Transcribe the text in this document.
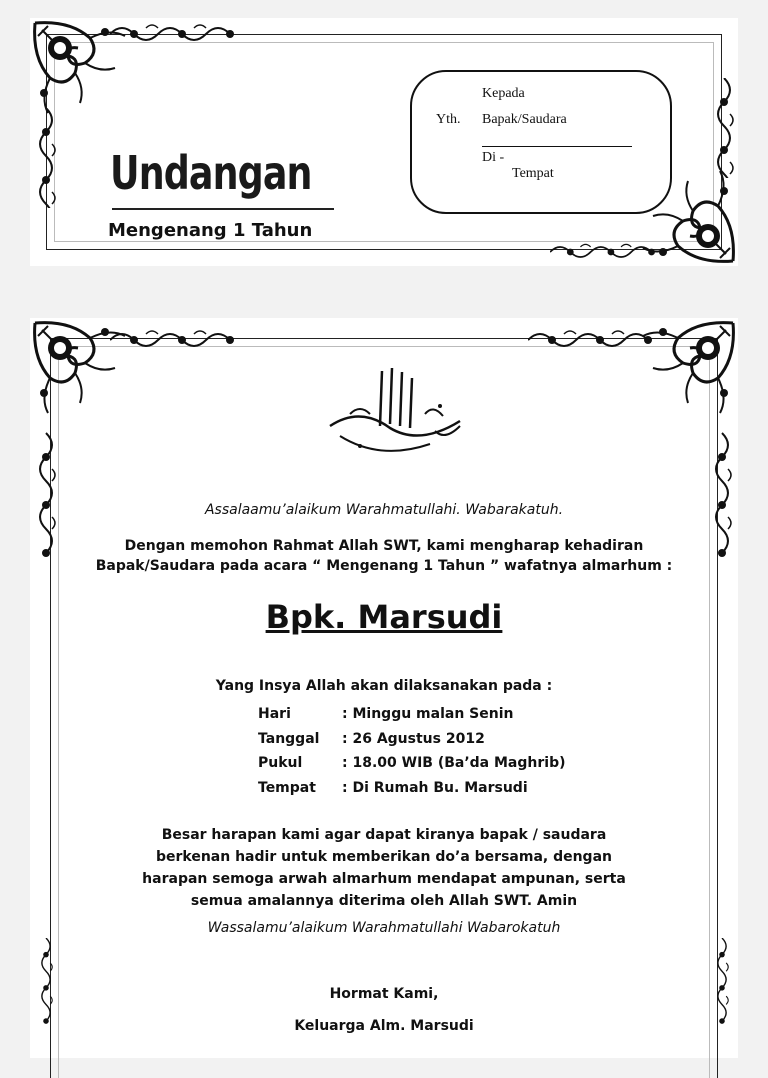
Undangan
Mengenang 1 Tahun
Kepada
Yth. Bapak/Saudara
Di -
Tempat
Assalaamu’alaikum Warahmatullahi. Wabarakatuh.
Dengan memohon Rahmat Allah SWT, kami mengharap kehadiran
Bapak/Saudara pada acara “ Mengenang 1 Tahun ” wafatnya almarhum :
Bpk. Marsudi
Yang Insya Allah akan dilaksanakan pada :
Hari	: Minggu malan Senin
Tanggal	: 26 Agustus 2012
Pukul	: 18.00 WIB (Ba’da Maghrib)
Tempat	: Di Rumah Bu. Marsudi
Besar harapan kami agar dapat kiranya bapak / saudara
berkenan hadir untuk memberikan do’a bersama, dengan
harapan semoga arwah almarhum mendapat ampunan, serta
semua amalannya diterima oleh Allah SWT. Amin
Wassalamu’alaikum Warahmatullahi Wabarokatuh
Hormat Kami,
Keluarga Alm. Marsudi
